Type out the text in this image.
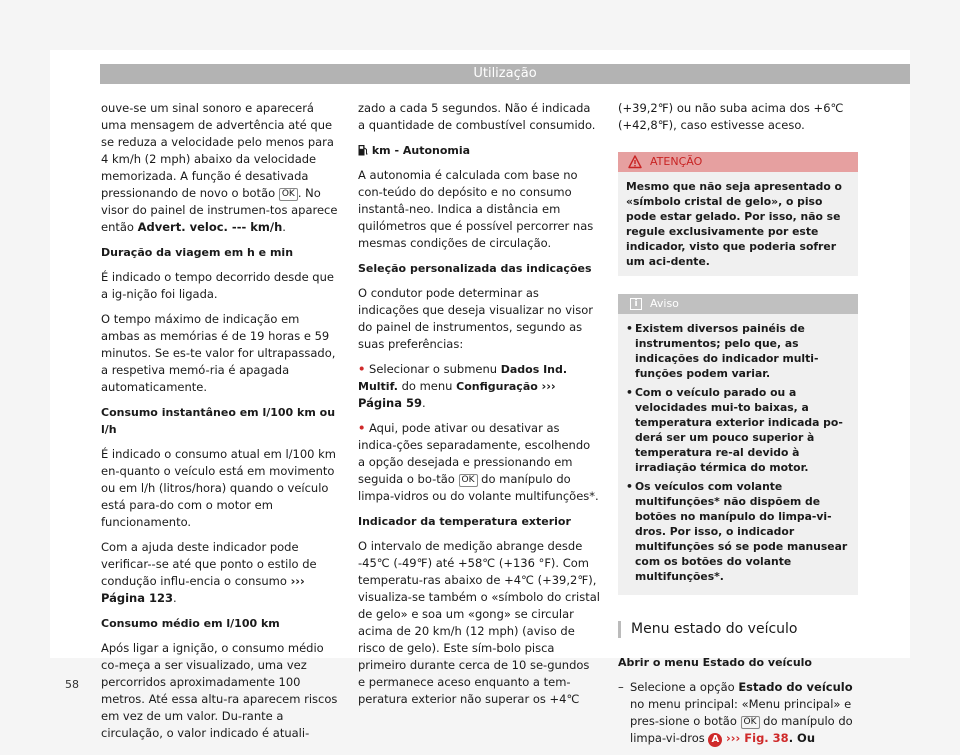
Utilização

ouve-se um sinal sonoro e aparecerá uma mensagem de advertência até que se reduza a velocidade pelo menos para 4 km/h (2 mph) abaixo da velocidade memorizada. A função é desativada pressionando de novo o botão OK . No visor do painel de instrumen-tos aparece então Advert. veloc. --- km/h.

Duração da viagem em h e min

É indicado o tempo decorrido desde que a ig-nição foi ligada.

O tempo máximo de indicação em ambas as memórias é de 19 horas e 59 minutos. Se es-te valor for ultrapassado, a respetiva memó-ria é apagada automaticamente.

Consumo instantâneo em l/100 km ou l/h

É indicado o consumo atual em l/100 km en-quanto o veículo está em movimento ou em l/h (litros/hora) quando o veículo está para-do com o motor em funcionamento.

Com a ajuda deste indicador pode verificar--se até que ponto o estilo de condução influ-encia o consumo ››› Página 123.

Consumo médio em l/100 km

Após ligar a ignição, o consumo médio co-meça a ser visualizado, uma vez percorridos aproximadamente 100 metros. Até essa altu-ra aparecem riscos em vez de um valor. Du-rante a circulação, o valor indicado é atuali-

zado a cada 5 segundos. Não é indicada a quantidade de combustível consumido.

km - Autonomia

A autonomia é calculada com base no con-teúdo do depósito e no consumo instantâ-neo. Indica a distância em quilómetros que é possível percorrer nas mesmas condições de circulação.

Seleção personalizada das indicações

O condutor pode determinar as indicações que deseja visualizar no visor do painel de instrumentos, segundo as suas preferências:

• Selecionar o submenu Dados Ind. Multif. do menu Configuração ››› Página 59.

• Aqui, pode ativar ou desativar as indica-ções separadamente, escolhendo a opção desejada e pressionando em seguida o bo-tão OK do manípulo do limpa-vidros ou do volante multifunções*.

Indicador da temperatura exterior

O intervalo de medição abrange desde -45℃ (-49℉) até +58℃ (+136 °F). Com temperatu-ras abaixo de +4℃ (+39,2℉), visualiza-se também o «símbolo do cristal de gelo» e soa um «gong» se circular acima de 20 km/h (12 mph) (aviso de risco de gelo). Este sím-bolo pisca primeiro durante cerca de 10 se-gundos e permanece aceso enquanto a tem-peratura exterior não superar os +4℃

(+39,2℉) ou não suba acima dos +6℃ (+42,8℉), caso estivesse aceso.

ATENÇÃO
Mesmo que não seja apresentado o «símbolo cristal de gelo», o piso pode estar gelado. Por isso, não se regule exclusivamente por este indicador, visto que poderia sofrer um aci-dente.
i	Aviso
• Existem diversos painéis de instrumentos; pelo que, as indicações do indicador multi-funções podem variar.
• Com o veículo parado ou a velocidades mui-to baixas, a temperatura exterior indicada po-derá ser um pouco superior à temperatura re-al devido à irradiação térmica do motor.
• Os veículos com volante multifunções* não dispõem de botões no manípulo do limpa-vi-dros. Por isso, o indicador multifunções só se pode manusear com os botões do volante multifunções*.
Menu estado do veículo

Abrir o menu Estado do veículo

– Selecione a opção Estado do veículo no menu principal: «Menu principal» e pres-sione o botão OK do manípulo do limpa-vi-dros A ››› Fig. 38. Ou

58
